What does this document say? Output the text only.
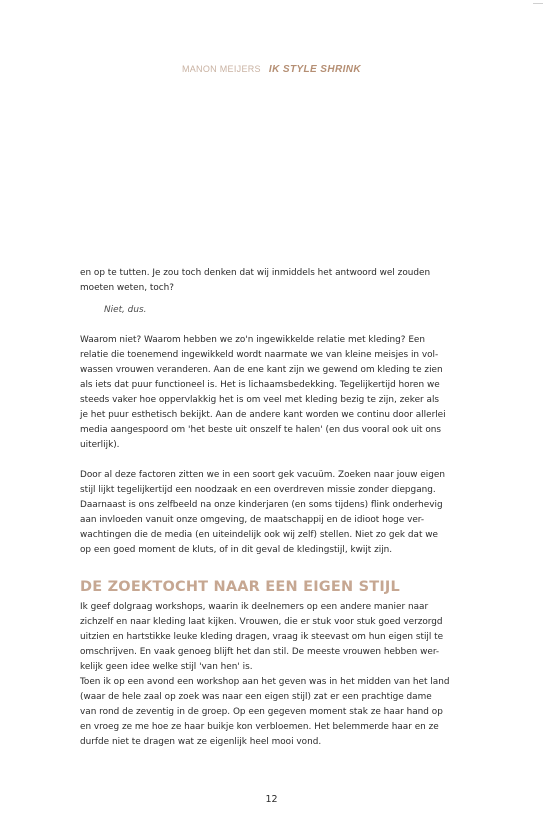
MANON MEIJERS IK STYLE SHRINK

en op te tutten. Je zou toch denken dat wij inmiddels het antwoord wel zouden
moeten weten, toch?

Niet, dus.

Waarom niet? Waarom hebben we zo'n ingewikkelde relatie met kleding? Een
relatie die toenemend ingewikkeld wordt naarmate we van kleine meisjes in vol-
wassen vrouwen veranderen. Aan de ene kant zijn we gewend om kleding te zien
als iets dat puur functioneel is. Het is lichaamsbedekking. Tegelijkertijd horen we
steeds vaker hoe oppervlakkig het is om veel met kleding bezig te zijn, zeker als
je het puur esthetisch bekijkt. Aan de andere kant worden we continu door allerlei
media aangespoord om 'het beste uit onszelf te halen' (en dus vooral ook uit ons
uiterlijk).

Door al deze factoren zitten we in een soort gek vacuüm. Zoeken naar jouw eigen
stijl lijkt tegelijkertijd een noodzaak en een overdreven missie zonder diepgang.
Daarnaast is ons zelfbeeld na onze kinderjaren (en soms tijdens) flink onderhevig
aan invloeden vanuit onze omgeving, de maatschappij en de idioot hoge ver-
wachtingen die de media (en uiteindelijk ook wij zelf) stellen. Niet zo gek dat we
op een goed moment de kluts, of in dit geval de kledingstijl, kwijt zijn.

DE ZOEKTOCHT NAAR EEN EIGEN STIJL

Ik geef dolgraag workshops, waarin ik deelnemers op een andere manier naar
zichzelf en naar kleding laat kijken. Vrouwen, die er stuk voor stuk goed verzorgd
uitzien en hartstikke leuke kleding dragen, vraag ik steevast om hun eigen stijl te
omschrijven. En vaak genoeg blijft het dan stil. De meeste vrouwen hebben wer-
kelijk geen idee welke stijl 'van hen' is.
Toen ik op een avond een workshop aan het geven was in het midden van het land
(waar de hele zaal op zoek was naar een eigen stijl) zat er een prachtige dame
van rond de zeventig in de groep. Op een gegeven moment stak ze haar hand op
en vroeg ze me hoe ze haar buikje kon verbloemen. Het belemmerde haar en ze
durfde niet te dragen wat ze eigenlijk heel mooi vond.

12
